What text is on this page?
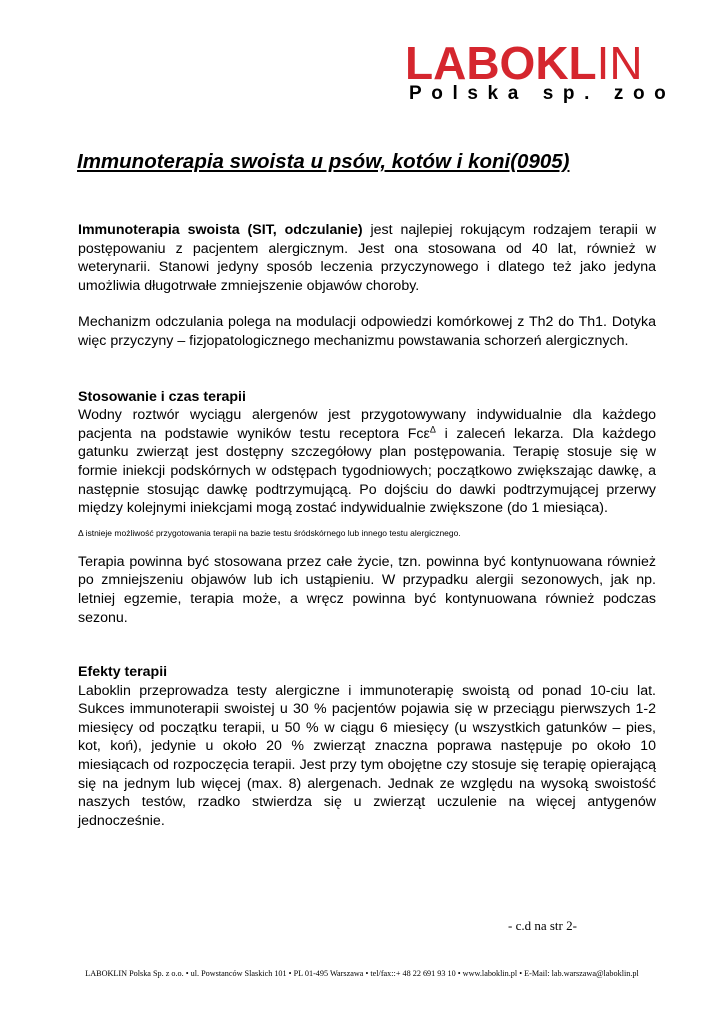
LABOKLIN
Polska sp. zoo
Immunoterapia swoista u psów, kotów i koni(0905)

Immunoterapia swoista (SIT, odczulanie) jest najlepiej rokującym rodzajem terapii w postępowaniu z pacjentem alergicznym. Jest ona stosowana od 40 lat, również w weterynarii. Stanowi jedyny sposób leczenia przyczynowego i dlatego też jako jedyna umożliwia długotrwałe zmniejszenie objawów choroby.

Mechanizm odczulania polega na modulacji odpowiedzi komórkowej z Th2 do Th1. Dotyka więc przyczyny – fizjopatologicznego mechanizmu powstawania schorzeń alergicznych.

Stosowanie i czas terapii

Wodny roztwór wyciągu alergenów jest przygotowywany indywidualnie dla każdego pacjenta na podstawie wyników testu receptora Fcε$^\Delta$ i zaleceń lekarza. Dla każdego gatunku zwierząt jest dostępny szczegółowy plan postępowania. Terapię stosuje się w formie iniekcji podskórnych w odstępach tygodniowych; początkowo zwiększając dawkę, a następnie stosując dawkę podtrzymującą. Po dojściu do dawki podtrzymującej przerwy między kolejnymi iniekcjami mogą zostać indywidualnie zwiększone (do 1 miesiąca).

Δ istnieje możliwość przygotowania terapii na bazie testu śródskórnego lub innego testu alergicznego.

Terapia powinna być stosowana przez całe życie, tzn. powinna być kontynuowana również po zmniejszeniu objawów lub ich ustąpieniu. W przypadku alergii sezonowych, jak np. letniej egzemie, terapia może, a wręcz powinna być kontynuowana również podczas sezonu.

Efekty terapii

Laboklin przeprowadza testy alergiczne i immunoterapię swoistą od ponad 10-ciu lat. Sukces immunoterapii swoistej u 30 % pacjentów pojawia się w przeciągu pierwszych 1-2 miesięcy od początku terapii, u 50 % w ciągu 6 miesięcy (u wszystkich gatunków – pies, kot, koń), jedynie u około 20 % zwierząt znaczna poprawa następuje po około 10 miesiącach od rozpoczęcia terapii. Jest przy tym obojętne czy stosuje się terapię opierającą się na jednym lub więcej (max. 8) alergenach. Jednak ze względu na wysoką swoistość naszych testów, rzadko stwierdza się u zwierząt uczulenie na więcej antygenów jednocześnie.

- c.d na str 2-
LABOKLIN Polska Sp. z o.o. • ul. Powstanców Slaskich 101 • PL 01-495 Warszawa • tel/fax::+ 48 22 691 93 10 • www.laboklin.pl • E-Mail: lab.warszawa@laboklin.pl
